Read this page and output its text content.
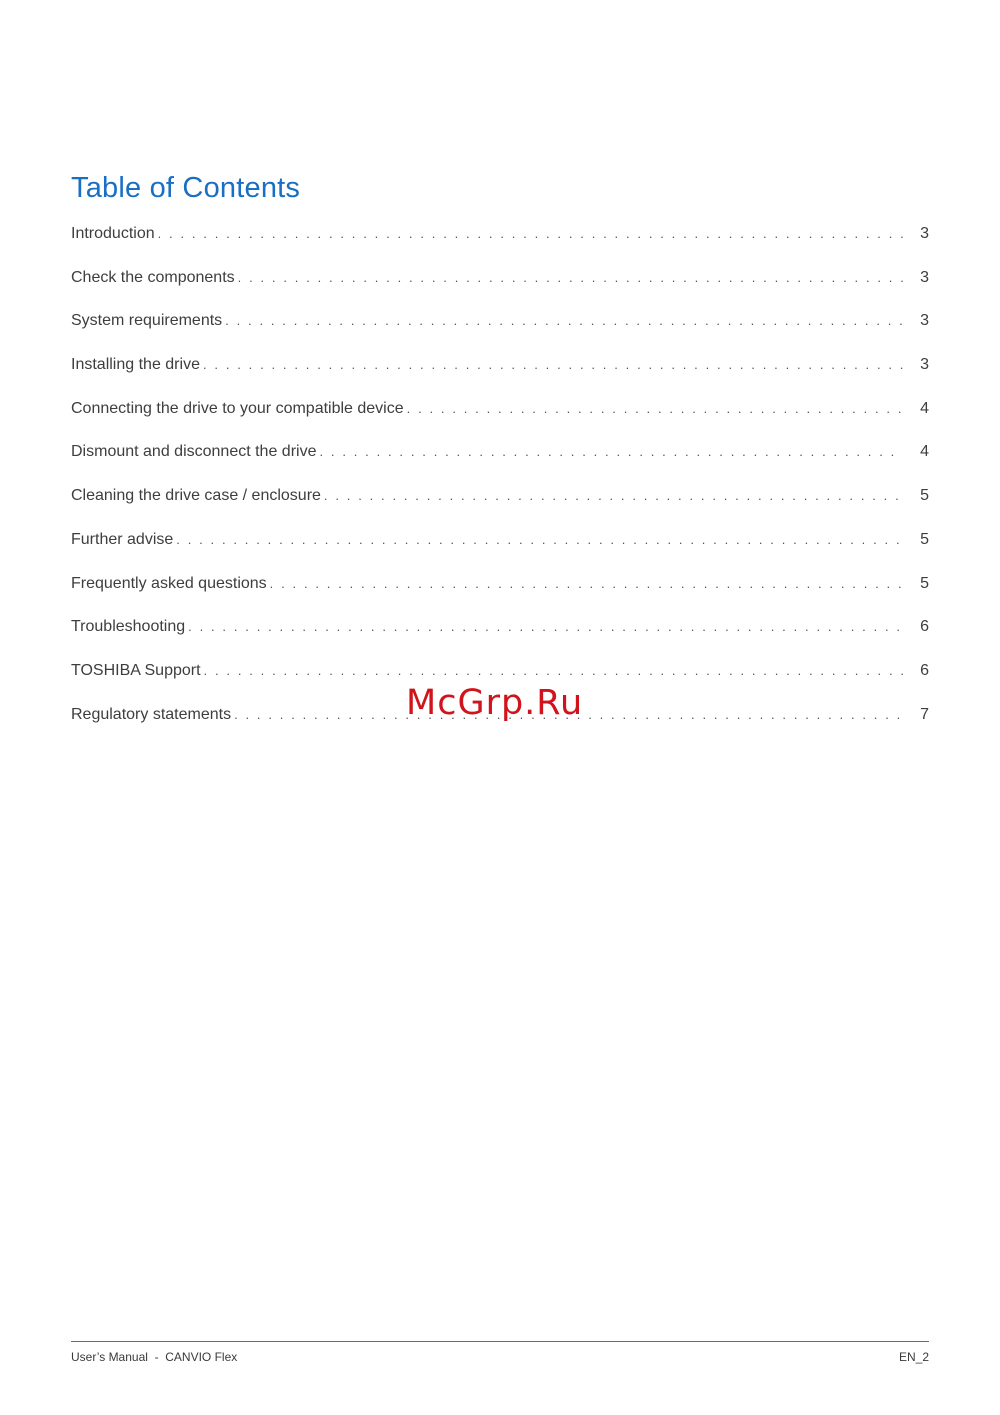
Table of Contents
Introduction . . .	3
Check the components . . .	3
System requirements . . .	3
Installing the drive . . .	3
Connecting the drive to your compatible device . . .	4
Dismount and disconnect the drive . . .	4
Cleaning the drive case / enclosure . . .	5
Further advise . . .	5
Frequently asked questions . . .	5
Troubleshooting . . .	6
TOSHIBA Support . . .	6
Regulatory statements . . .	7
McGrp.Ru
User’s Manual  -  CANVIO Flex	EN_2
